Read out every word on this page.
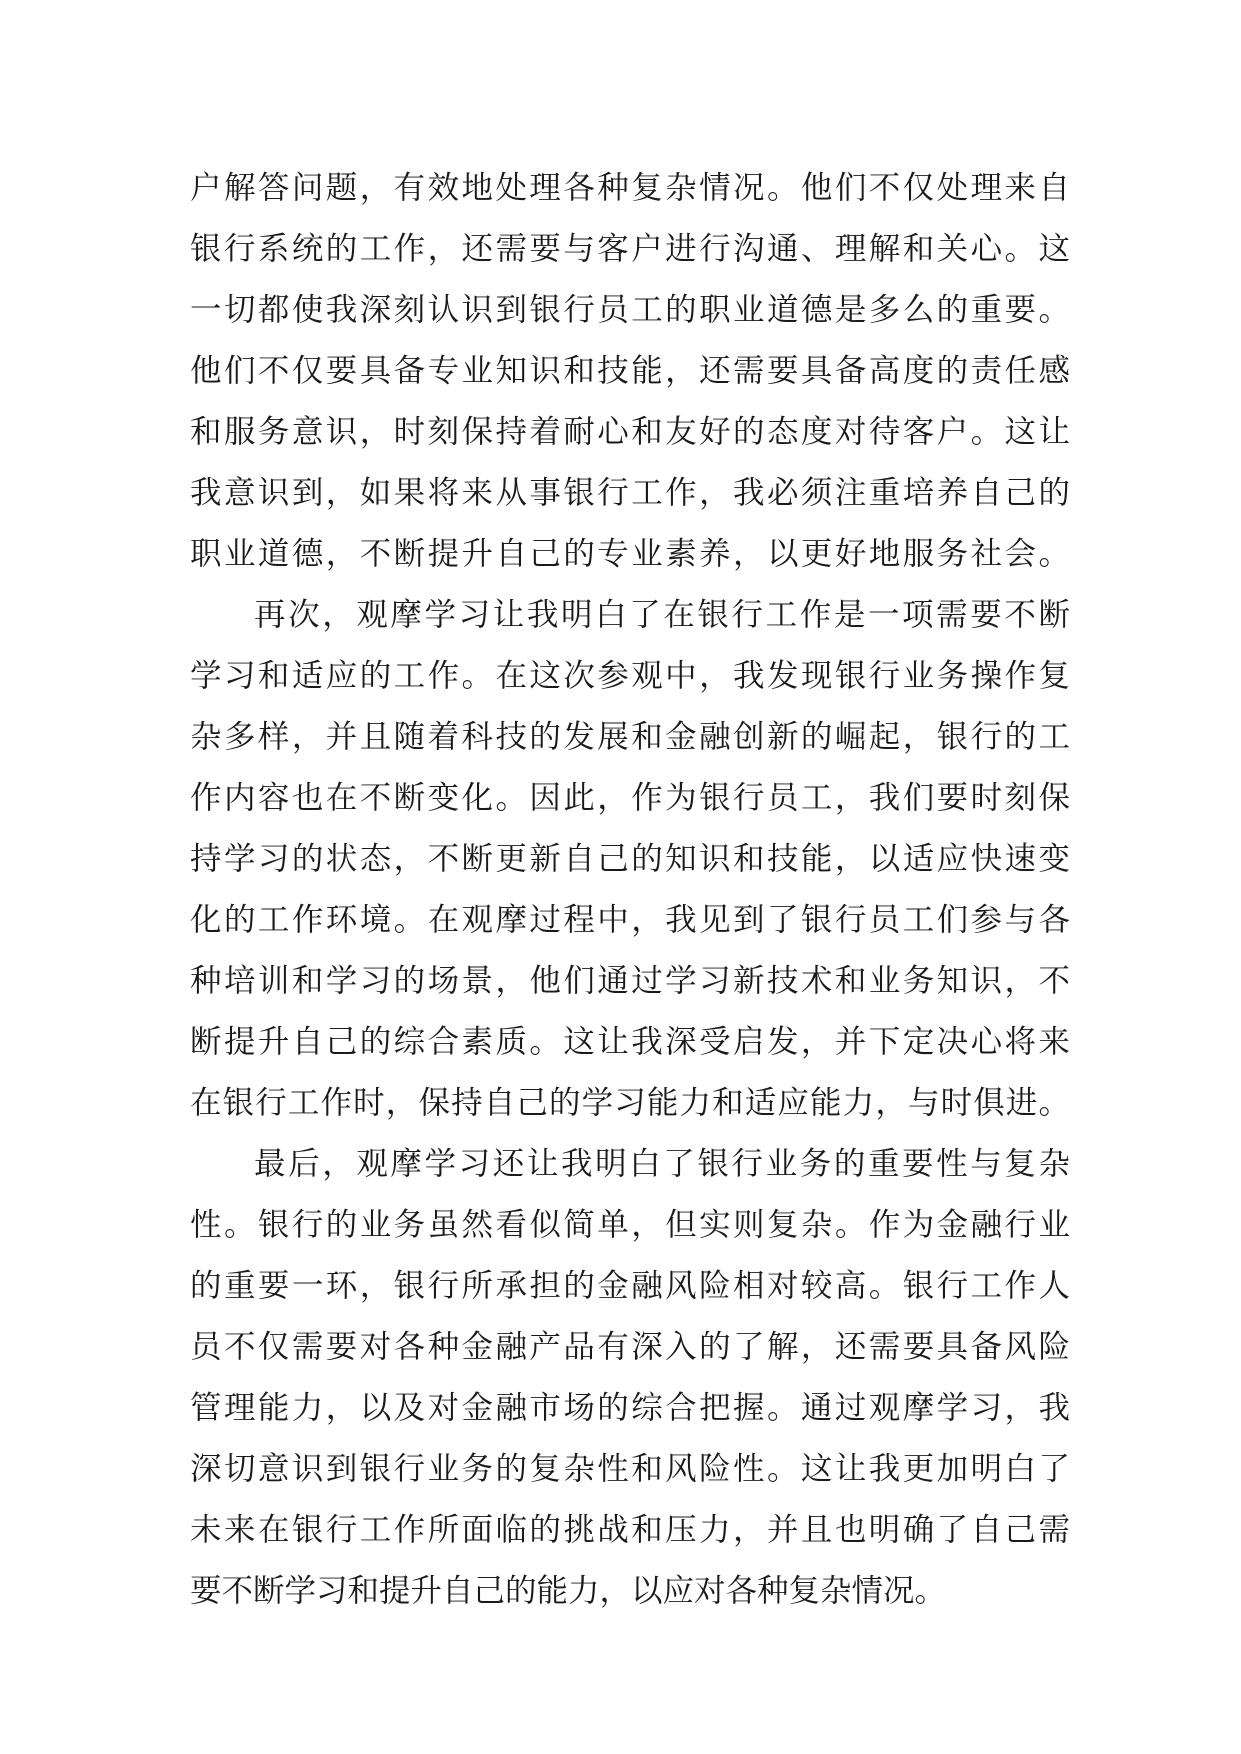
户解答问题，有效地处理各种复杂情况。他们不仅处理来自
银行系统的工作，还需要与客户进行沟通、理解和关心。这
一切都使我深刻认识到银行员工的职业道德是多么的重要。
他们不仅要具备专业知识和技能，还需要具备高度的责任感
和服务意识，时刻保持着耐心和友好的态度对待客户。这让
我意识到，如果将来从事银行工作，我必须注重培养自己的
职业道德，不断提升自己的专业素养，以更好地服务社会。
再次，观摩学习让我明白了在银行工作是一项需要不断
学习和适应的工作。在这次参观中，我发现银行业务操作复
杂多样，并且随着科技的发展和金融创新的崛起，银行的工
作内容也在不断变化。因此，作为银行员工，我们要时刻保
持学习的状态，不断更新自己的知识和技能，以适应快速变
化的工作环境。在观摩过程中，我见到了银行员工们参与各
种培训和学习的场景，他们通过学习新技术和业务知识，不
断提升自己的综合素质。这让我深受启发，并下定决心将来
在银行工作时，保持自己的学习能力和适应能力，与时俱进。
最后，观摩学习还让我明白了银行业务的重要性与复杂
性。银行的业务虽然看似简单，但实则复杂。作为金融行业
的重要一环，银行所承担的金融风险相对较高。银行工作人
员不仅需要对各种金融产品有深入的了解，还需要具备风险
管理能力，以及对金融市场的综合把握。通过观摩学习，我
深切意识到银行业务的复杂性和风险性。这让我更加明白了
未来在银行工作所面临的挑战和压力，并且也明确了自己需
要不断学习和提升自己的能力，以应对各种复杂情况。
